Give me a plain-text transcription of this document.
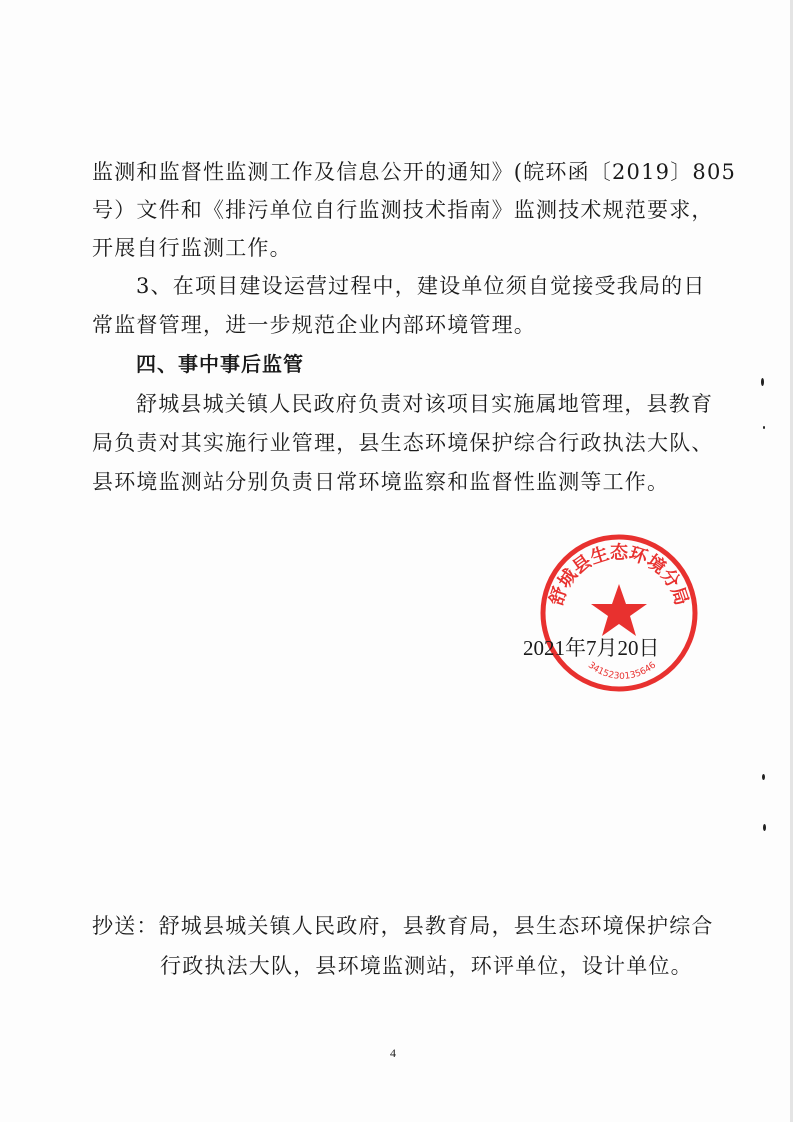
监测和监督性监测工作及信息公开的通知》(皖环函〔2019〕805
号）文件和《排污单位自行监测技术指南》监测技术规范要求，
开展自行监测工作。
3、在项目建设运营过程中，建设单位须自觉接受我局的日
常监督管理，进一步规范企业内部环境管理。
四、事中事后监管
舒城县城关镇人民政府负责对该项目实施属地管理，县教育
局负责对其实施行业管理，县生态环境保护综合行政执法大队、
县环境监测站分别负责日常环境监察和监督性监测等工作。
舒城县生态环境分局
3415230135646
2021年7月20日
抄送：舒城县城关镇人民政府，县教育局，县生态环境保护综合
行政执法大队，县环境监测站，环评单位，设计单位。
4
